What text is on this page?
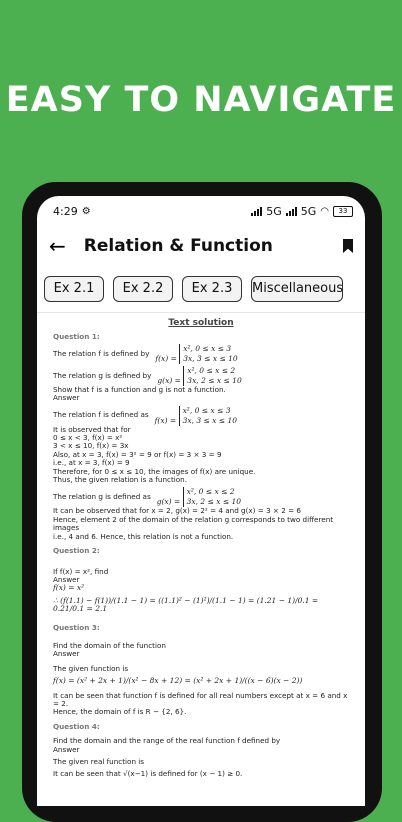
EASY TO NAVIGATE
4:29 ⚙	5G 5G ◠	33
← Relation & Function
Ex 2.1	Ex 2.2	Ex 2.3	Miscellaneous
Text solution
Question 1:
The relation f is defined by
f(x) = x², 0 ≤ x ≤ 3
3x, 3 ≤ x ≤ 10
The relation g is defined by
g(x) = x², 0 ≤ x ≤ 2
3x, 2 ≤ x ≤ 10
Show that f is a function and g is not a function.
Answer
The relation f is defined as
f(x) = x², 0 ≤ x ≤ 3
3x, 3 ≤ x ≤ 10
It is observed that for
0 ≤ x < 3, f(x) = x²
3 < x ≤ 10, f(x) = 3x
Also, at x = 3, f(x) = 3² = 9 or f(x) = 3 × 3 = 9
i.e., at x = 3, f(x) = 9
Therefore, for 0 ≤ x ≤ 10, the images of f(x) are unique.
Thus, the given relation is a function.
The relation g is defined as
g(x) = x², 0 ≤ x ≤ 2
3x, 2 ≤ x ≤ 10
It can be observed that for x = 2, g(x) = 2² = 4 and g(x) = 3 × 2 = 6
Hence, element 2 of the domain of the relation g corresponds to two different images
i.e., 4 and 6. Hence, this relation is not a function.
Question 2:
If f(x) = x², find
Answer
f(x) = x²
∴ (f(1.1) − f(1))/(1.1 − 1) = ((1.1)² − (1)²)/(1.1 − 1) = (1.21 − 1)/0.1 = 0.21/0.1 = 2.1
Question 3:
Find the domain of the function
Answer
The given function is
f(x) = (x² + 2x + 1)/(x² − 8x + 12) = (x² + 2x + 1)/((x − 6)(x − 2))
It can be seen that function f is defined for all real numbers except at x = 6 and x = 2.
Hence, the domain of f is R − {2, 6}.
Question 4:
Find the domain and the range of the real function f defined by
Answer
The given real function is
It can be seen that √(x−1) is defined for (x − 1) ≥ 0.
